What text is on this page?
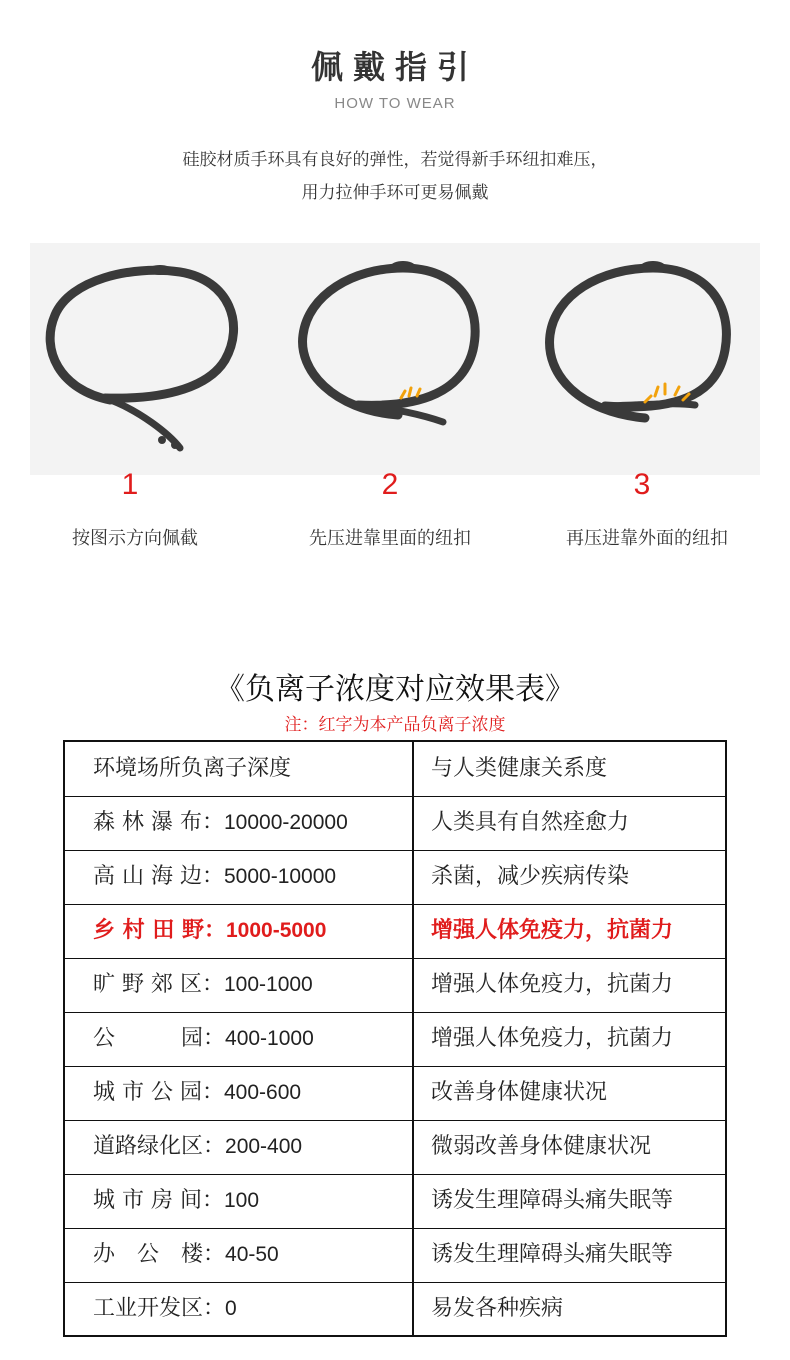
佩戴指引
HOW TO WEAR
硅胶材质手环具有良好的弹性，若觉得新手环纽扣难压，
用力拉伸手环可更易佩戴
1	2	3
按图示方向佩截	先压进靠里面的纽扣	再压进靠外面的纽扣
《负离子浓度对应效果表》
注：红字为本产品负离子浓度
环境场所负离子深度	与人类健康关系度
森 林 瀑 布：10000-20000	人类具有自然痊愈力
高 山 海 边：5000-10000	杀菌，减少疾病传染
乡 村 田 野：1000-5000	增强人体免疫力，抗菌力
旷 野 郊 区：100-1000	增强人体免疫力，抗菌力
公　　　园：400-1000	增强人体免疫力，抗菌力
城 市 公 园：400-600	改善身体健康状况
道路绿化区：200-400	微弱改善身体健康状况
城 市 房 间：100	诱发生理障碍头痛失眠等
办　公　楼：40-50	诱发生理障碍头痛失眠等
工业开发区：0	易发各种疾病
